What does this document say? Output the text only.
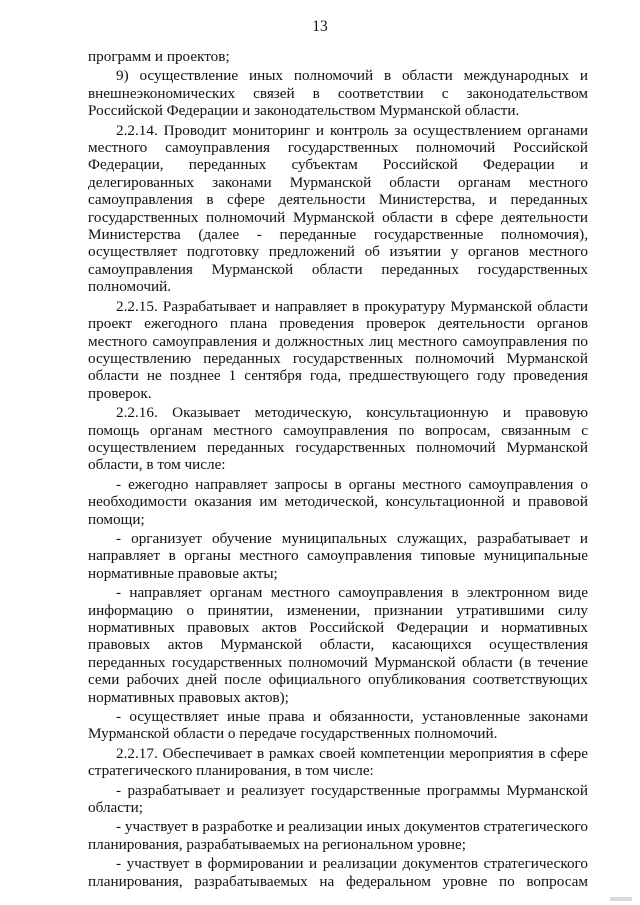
13

программ и проектов;

9) осуществление иных полномочий в области международных и внешнеэкономических связей в соответствии с законодательством Российской Федерации и законодательством Мурманской области.

2.2.14. Проводит мониторинг и контроль за осуществлением органами местного самоуправления государственных полномочий Российской Федерации, переданных субъектам Российской Федерации и делегированных законами Мурманской области органам местного самоуправления в сфере деятельности Министерства, и переданных государственных полномочий Мурманской области в сфере деятельности Министерства (далее - переданные государственные полномочия), осуществляет подготовку предложений об изъятии у органов местного самоуправления Мурманской области переданных государственных полномочий.

2.2.15. Разрабатывает и направляет в прокуратуру Мурманской области проект ежегодного плана проведения проверок деятельности органов местного самоуправления и должностных лиц местного самоуправления по осуществлению переданных государственных полномочий Мурманской области не позднее 1 сентября года, предшествующего году проведения проверок.

2.2.16. Оказывает методическую, консультационную и правовую помощь органам местного самоуправления по вопросам, связанным с осуществлением переданных государственных полномочий Мурманской области, в том числе:

- ежегодно направляет запросы в органы местного самоуправления о необходимости оказания им методической, консультационной и правовой помощи;

- организует обучение муниципальных служащих, разрабатывает и направляет в органы местного самоуправления типовые муниципальные нормативные правовые акты;

- направляет органам местного самоуправления в электронном виде информацию о принятии, изменении, признании утратившими силу нормативных правовых актов Российской Федерации и нормативных правовых актов Мурманской области, касающихся осуществления переданных государственных полномочий Мурманской области (в течение семи рабочих дней после официального опубликования соответствующих нормативных правовых актов);

- осуществляет иные права и обязанности, установленные законами Мурманской области о передаче государственных полномочий.

2.2.17. Обеспечивает в рамках своей компетенции мероприятия в сфере стратегического планирования, в том числе:

- разрабатывает и реализует государственные программы Мурманской области;

- участвует в разработке и реализации иных документов стратегического планирования, разрабатываемых на региональном уровне;

- участвует в формировании и реализации документов стратегического планирования, разрабатываемых на федеральном уровне по вопросам
